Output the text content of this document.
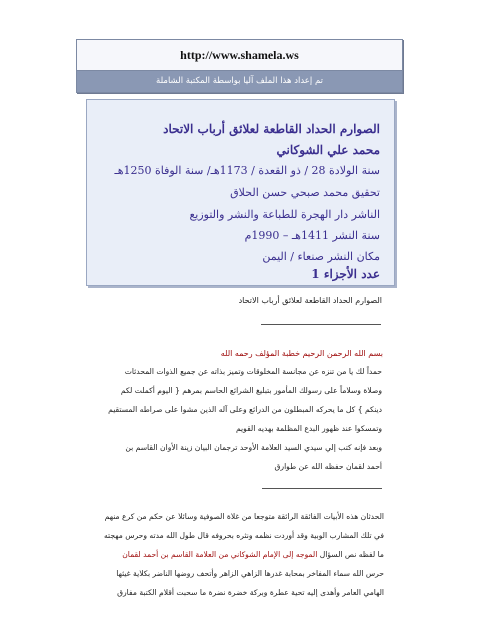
http://www.shamela.ws
تم إعداد هذا الملف آليا بواسطة المكتبة الشاملة
الصوارم الحداد القاطعة لعلائق أرباب الاتحاد
محمد علي الشوكاني
سنة الولادة 28 / ذو القعدة / 1173هـ/ سنة الوفاة 1250هـ
تحقيق محمد صبحي حسن الحلاق
الناشر دار الهجرة للطباعة والنشر والتوزيع
سنة النشر 1411هـ – 1990م
مكان النشر صنعاء / اليمن
عدد الأجزاء 1
الصوارم الحداد القاطعة لعلائق أرباب الاتحاد
بسم الله الرحمن الرحيم خطبة المؤلف رحمه الله
حمداً لك يا من تنزه عن مجانسة المخلوقات وتميز بذاته عن جميع الذوات المحدثات
وصلاة وسلاماً على رسولك المأمور بتبليغ الشرائع الحاسم بمرهم { اليوم أكملت لكم
دينكم } كل ما يحركه المبطلون من الدرائع وعلى آله الذين مشوا على صراطه المستقيم
وتمسكوا عند ظهور البدع المظلمة بهديه القويم
وبعد فإنه كتب إلي سيدي السيد العلامة الأوحد ترجمان البيان زينة الأوان القاسم بن
أحمد لقمان حفظه الله عن طوارق
الحدثان هذه الأبيات الفائقة الرائقة متوجعا من غلاة الصوفية وسائلا عن حكم من كرع منهم
في تلك المشارب الوبية وقد أوردت نظمه ونثره بحروفه قال طول الله مدته وحرس مهجته
ما لفظه نص السؤال الموجه إلى الإمام الشوكاني من العلامة القاسم بن أحمد لقمان
حرس الله سماء المفاخر بمحابة غدرها الزاهي الزاهر وأتحف روضها الناضر بكلاية غيثها
الهامي العامر وأهدى إليه تحية عطرة وبركة خضرة نضرة ما سحبت أقلام الكتبة مفارق
